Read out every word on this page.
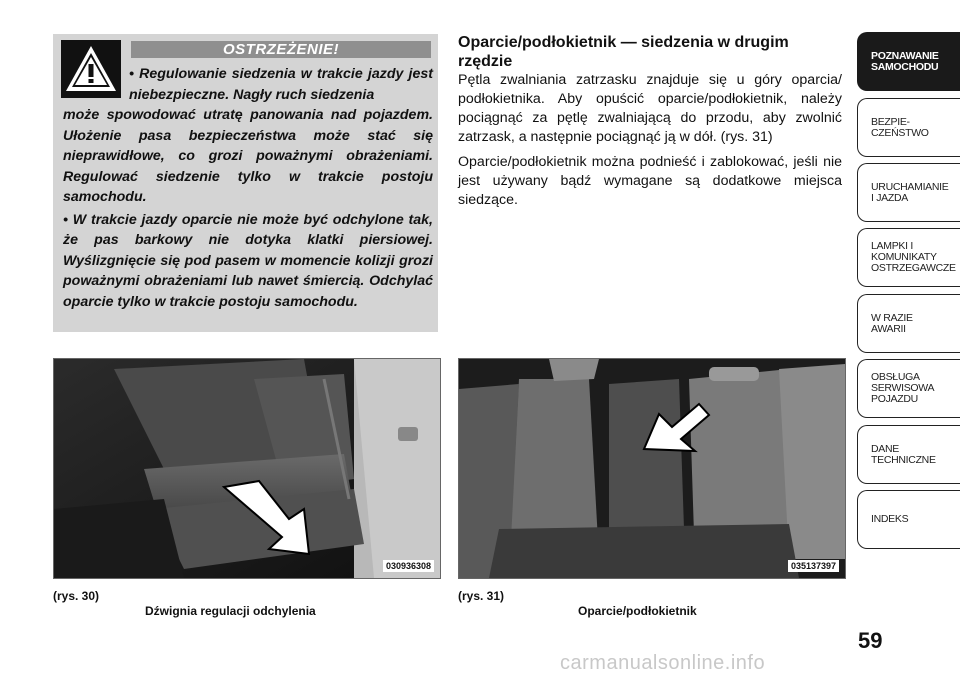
OSTRZEŻENIE!

• Regulowanie siedzenia w trakcie jazdy jest niebezpieczne. Nagły ruch siedzenia
może spowodować utratę panowania nad pojazdem. Ułożenie pasa bezpieczeństwa może stać się nieprawidłowe, co grozi poważnymi obrażeniami. Regulować siedzenie tylko w trakcie postoju samochodu.

• W trakcie jazdy oparcie nie może być odchylone tak, że pas barkowy nie dotyka klatki piersiowej. Wyślizgnięcie się pod pasem w momencie kolizji grozi poważnymi obrażeniami lub nawet śmiercią. Odchylać oparcie tylko w trakcie postoju samochodu.

Oparcie/podłokietnik — siedzenia w drugim rzędzie

Pętla zwalniania zatrzasku znajduje się u góry oparcia/ podłokietnika. Aby opuścić oparcie/podłokietnik, należy pociągnąć za pętlę zwalniającą do przodu, aby zwolnić zatrzask, a następnie pociągnąć ją w dół. (rys. 31)

Oparcie/podłokietnik można podnieść i zablokować, jeśli nie jest używany bądź wymagane są dodatkowe miejsca siedzące.

030936308
(rys. 30)
Dźwignia regulacji odchylenia
035137397
(rys. 31)
Oparcie/podłokietnik
POZNAWANIE
SAMOCHODU
BEZPIE-
CZEŃSTWO
URUCHAMIANIE
I JAZDA
LAMPKI I
KOMUNIKATY
OSTRZEGAWCZE
W RAZIE
AWARII
OBSŁUGA
SERWISOWA
POJAZDU
DANE
TECHNICZNE
INDEKS
59
carmanualsonline.info
